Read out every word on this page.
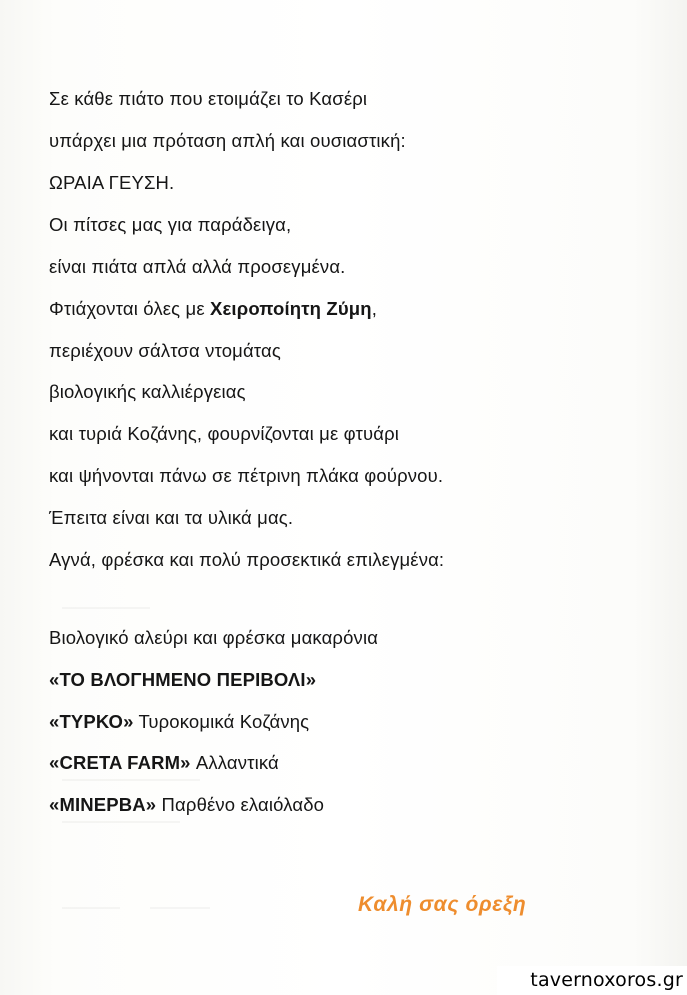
Σε κάθε πιάτο που ετοιμάζει το Κασέρι
υπάρχει μια πρόταση απλή και ουσιαστική:
ΩΡΑΙΑ ΓΕΥΣΗ.
Οι πίτσες μας για παράδειγα,
είναι πιάτα απλά αλλά προσεγμένα.
Φτιάχονται όλες με Χειροποίητη Ζύμη,
περιέχουν σάλτσα ντομάτας
βιολογικής καλλιέργειας
και τυριά Κοζάνης, φουρνίζονται με φτυάρι
και ψήνονται πάνω σε πέτρινη πλάκα φούρνου.
Έπειτα είναι και τα υλικά μας.
Αγνά, φρέσκα και πολύ προσεκτικά επιλεγμένα:
Βιολογικό αλεύρι και φρέσκα μακαρόνια
«ΤΟ ΒΛΟΓΗΜΕΝΟ ΠΕΡΙΒΟΛΙ»
«ΤΥΡΚΟ» Τυροκομικά Κοζάνης
«CRETA FARM» Αλλαντικά
«ΜΙΝΕΡΒΑ» Παρθένο ελαιόλαδο
Καλή σας όρεξη
tavernoxoros.gr
